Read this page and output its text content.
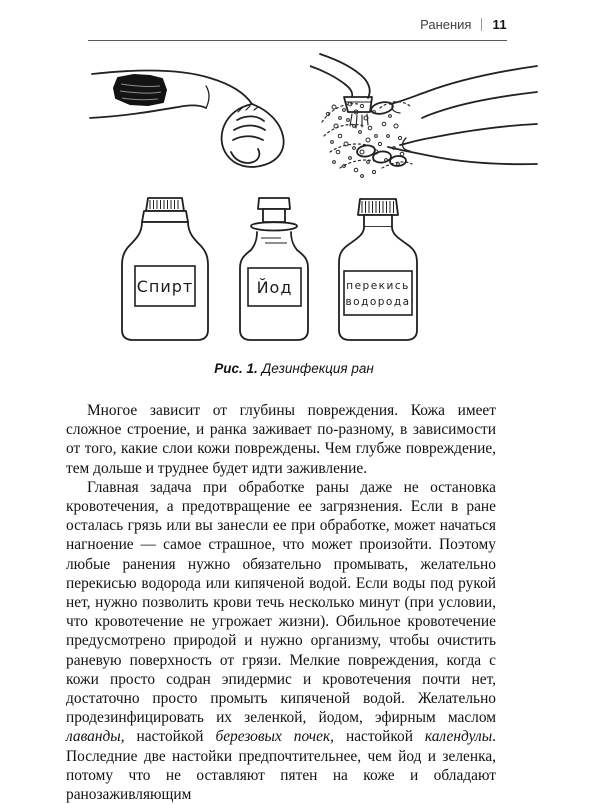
Ранения 11
Спирт	Йод	перекись
водорода
Рис. 1. Дезинфекция ран

Многое зависит от глубины повреждения. Кожа имеет сложное строение, и ранка заживает по-разному, в зависимости от того, какие слои кожи повреждены. Чем глубже повреждение, тем дольше и труднее будет идти заживление.

Главная задача при обработке раны даже не остановка кровотечения, а предотвращение ее загрязнения. Если в ране осталась грязь или вы занесли ее при обработке, может начаться нагноение — самое страшное, что может произойти. Поэтому любые ранения нужно обязательно промывать, желательно перекисью водорода или кипяченой водой. Если воды под рукой нет, нужно позволить крови течь несколько минут (при условии, что кровотечение не угрожает жизни). Обильное кровотечение предусмотрено природой и нужно организму, чтобы очистить раневую поверхность от грязи. Мелкие повреждения, когда с кожи просто содран эпидермис и кровотечения почти нет, достаточно просто промыть кипяченой водой. Желательно продезинфицировать их зеленкой, йодом, эфирным маслом лаванды, настойкой березовых почек, настойкой календулы. Последние две настойки предпочтительнее, чем йод и зеленка, потому что не оставляют пятен на коже и обладают ранозаживляющим
